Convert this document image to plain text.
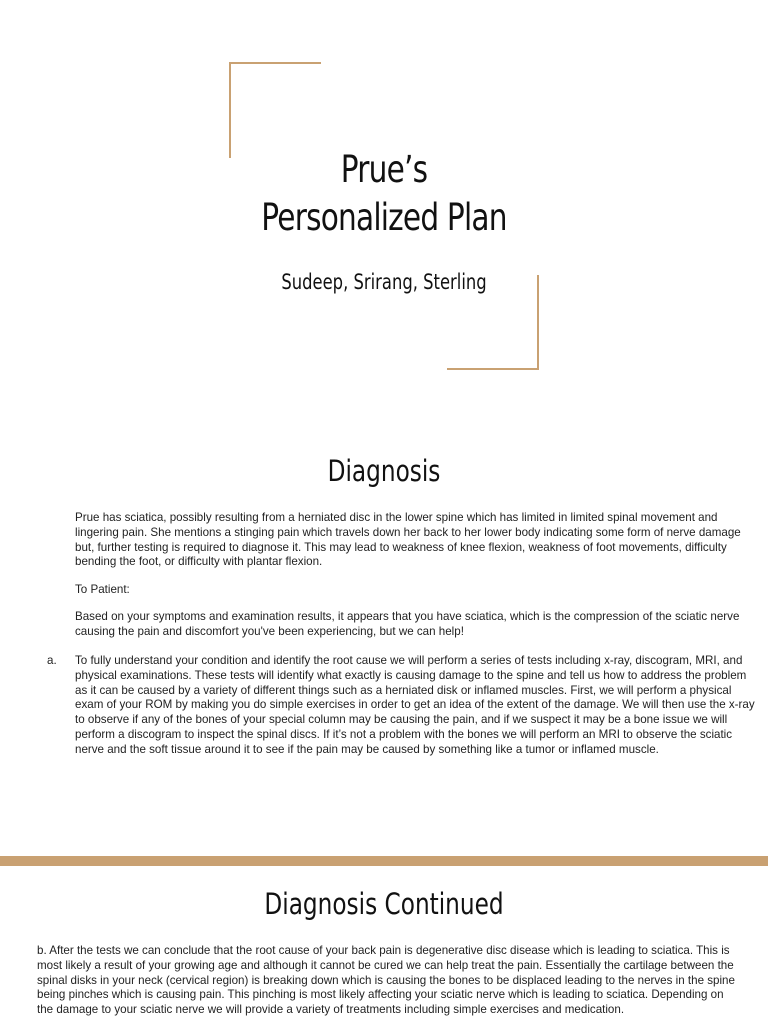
Prue’s
Personalized Plan
Sudeep, Srirang, Sterling
Diagnosis

Prue has sciatica, possibly resulting from a herniated disc in the lower spine which has limited in limited spinal movement and lingering pain. She mentions a stinging pain which travels down her back to her lower body indicating some form of nerve damage but, further testing is required to diagnose it. This may lead to weakness of knee flexion, weakness of foot movements, difficulty bending the foot, or difficulty with plantar flexion.

To Patient:

Based on your symptoms and examination results, it appears that you have sciatica, which is the compression of the sciatic nerve causing the pain and discomfort you've been experiencing, but we can help!

a. To fully understand your condition and identify the root cause we will perform a series of tests including x-ray, discogram, MRI, and physical examinations. These tests will identify what exactly is causing damage to the spine and tell us how to address the problem as it can be caused by a variety of different things such as a herniated disk or inflamed muscles. First, we will perform a physical exam of your ROM by making you do simple exercises in order to get an idea of the extent of the damage. We will then use the x-ray to observe if any of the bones of your special column may be causing the pain, and if we suspect it may be a bone issue we will perform a discogram to inspect the spinal discs. If it’s not a problem with the bones we will perform an MRI to observe the sciatic nerve and the soft tissue around it to see if the pain may be caused by something like a tumor or inflamed muscle.

Diagnosis Continued

b. After the tests we can conclude that the root cause of your back pain is degenerative disc disease which is leading to sciatica. This is most likely a result of your growing age and although it cannot be cured we can help treat the pain. Essentially the cartilage between the spinal disks in your neck (cervical region) is breaking down which is causing the bones to be displaced leading to the nerves in the spine being pinches which is causing pain. This pinching is most likely affecting your sciatic nerve which is leading to sciatica. Depending on the damage to your sciatic nerve we will provide a variety of treatments including simple exercises and medication.
